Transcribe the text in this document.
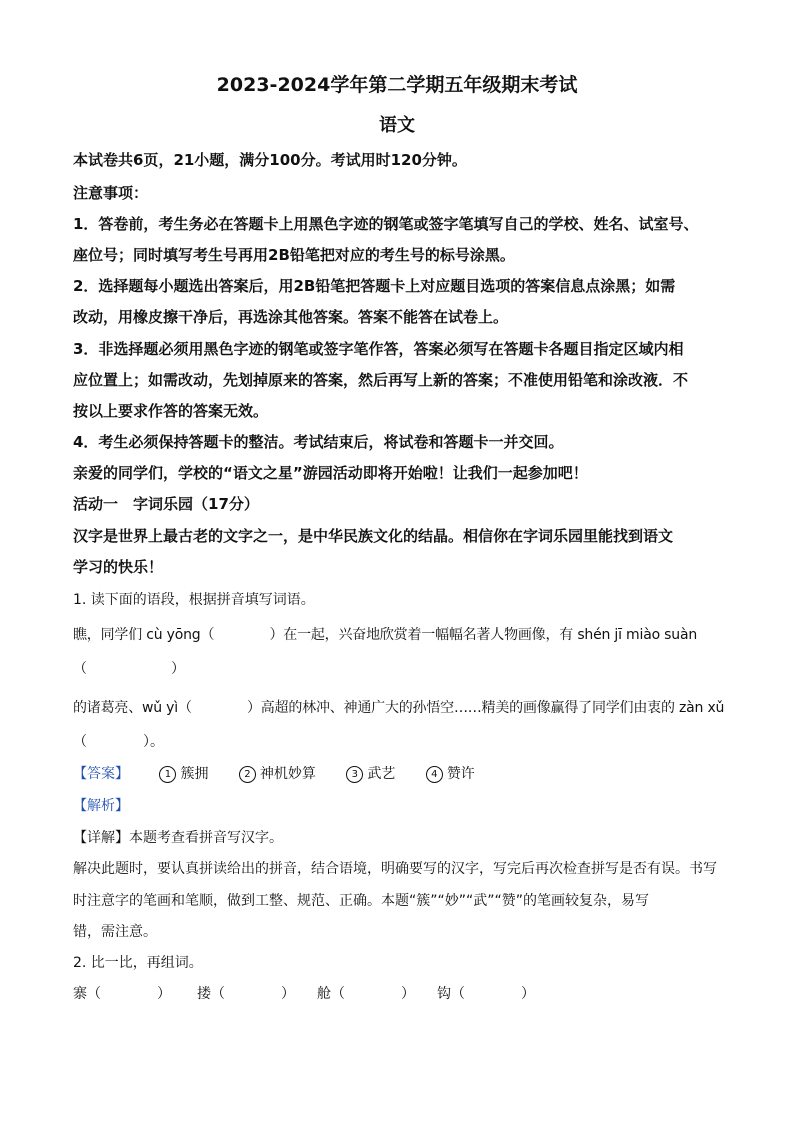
2023-2024学年第二学期五年级期末考试
语文
本试卷共6页，21小题，满分100分。考试用时120分钟。
注意事项：
1．答卷前，考生务必在答题卡上用黑色字迹的钢笔或签字笔填写自己的学校、姓名、试室号、
座位号；同时填写考生号再用2B铅笔把对应的考生号的标号涂黑。
2．选择题每小题选出答案后，用2B铅笔把答题卡上对应题目选项的答案信息点涂黑；如需
改动，用橡皮擦干净后，再选涂其他答案。答案不能答在试卷上。
3．非选择题必须用黑色字迹的钢笔或签字笔作答，答案必须写在答题卡各题目指定区域内相
应位置上；如需改动，先划掉原来的答案，然后再写上新的答案；不准使用铅笔和涂改液．不
按以上要求作答的答案无效。
4．考生必须保持答题卡的整洁。考试结束后，将试卷和答题卡一并交回。
亲爱的同学们，学校的“语文之星”游园活动即将开始啦！让我们一起参加吧！
活动一　字词乐园（17分）
汉字是世界上最古老的文字之一，是中华民族文化的结晶。相信你在字词乐园里能找到语文
学习的快乐！
1. 读下面的语段，根据拼音填写词语。
瞧，同学们 cù yōng（　　　　）在一起，兴奋地欣赏着一幅幅名著人物画像，有 shén jī miào suàn
（　　　　　　）
的诸葛亮、wǔ yì（　　　　）高超的林冲、神通广大的孙悟空……精美的画像赢得了同学们由衷的 zàn xǔ
（　　　　）。
【答案】	1 簇拥	2 神机妙算	3 武艺	4 赞许
【解析】
【详解】本题考查看拼音写汉字。
解决此题时，要认真拼读给出的拼音，结合语境，明确要写的汉字，写完后再次检查拼写是否有误。书写
时注意字的笔画和笔顺，做到工整、规范、正确。本题“簇”“妙”“武”“赞”的笔画较复杂，易写
错，需注意。
2. 比一比，再组词。
寨（　　　　） 搂（　　　　） 舱（　　　　） 钩（　　　　）
